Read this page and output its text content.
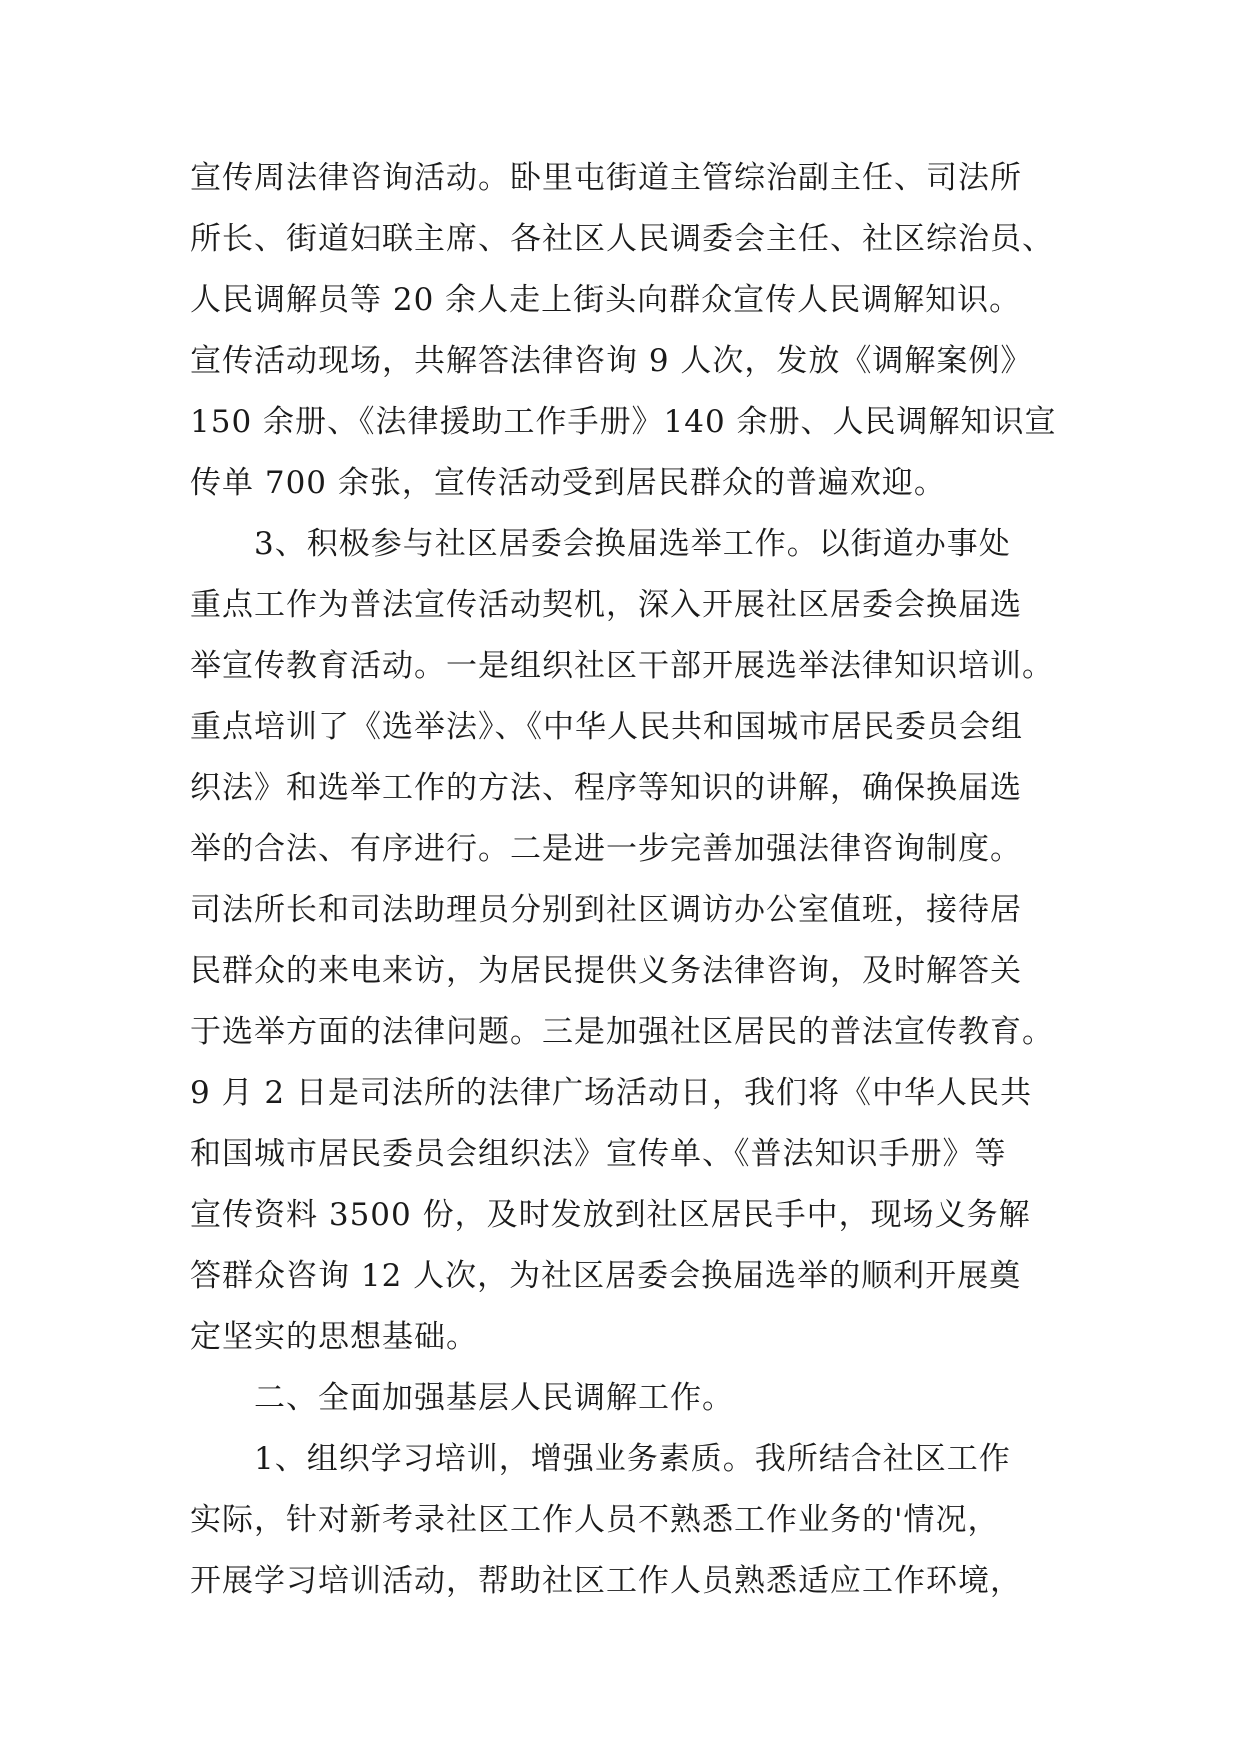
宣传周法律咨询活动。卧里屯街道主管综治副主任、司法所
所长、街道妇联主席、各社区人民调委会主任、社区综治员、
人民调解员等 20 余人走上街头向群众宣传人民调解知识。
宣传活动现场，共解答法律咨询 9 人次，发放《调解案例》
150 余册、《法律援助工作手册》140 余册、人民调解知识宣
传单 700 余张，宣传活动受到居民群众的普遍欢迎。
3、积极参与社区居委会换届选举工作。以街道办事处
重点工作为普法宣传活动契机，深入开展社区居委会换届选
举宣传教育活动。一是组织社区干部开展选举法律知识培训。
重点培训了《选举法》、《中华人民共和国城市居民委员会组
织法》和选举工作的方法、程序等知识的讲解，确保换届选
举的合法、有序进行。二是进一步完善加强法律咨询制度。
司法所长和司法助理员分别到社区调访办公室值班，接待居
民群众的来电来访，为居民提供义务法律咨询，及时解答关
于选举方面的法律问题。三是加强社区居民的普法宣传教育。
9 月 2 日是司法所的法律广场活动日，我们将《中华人民共
和国城市居民委员会组织法》宣传单、《普法知识手册》等
宣传资料 3500 份，及时发放到社区居民手中，现场义务解
答群众咨询 12 人次，为社区居委会换届选举的顺利开展奠
定坚实的思想基础。
二、全面加强基层人民调解工作。
1、组织学习培训，增强业务素质。我所结合社区工作
实际，针对新考录社区工作人员不熟悉工作业务的'情况，
开展学习培训活动，帮助社区工作人员熟悉适应工作环境，
